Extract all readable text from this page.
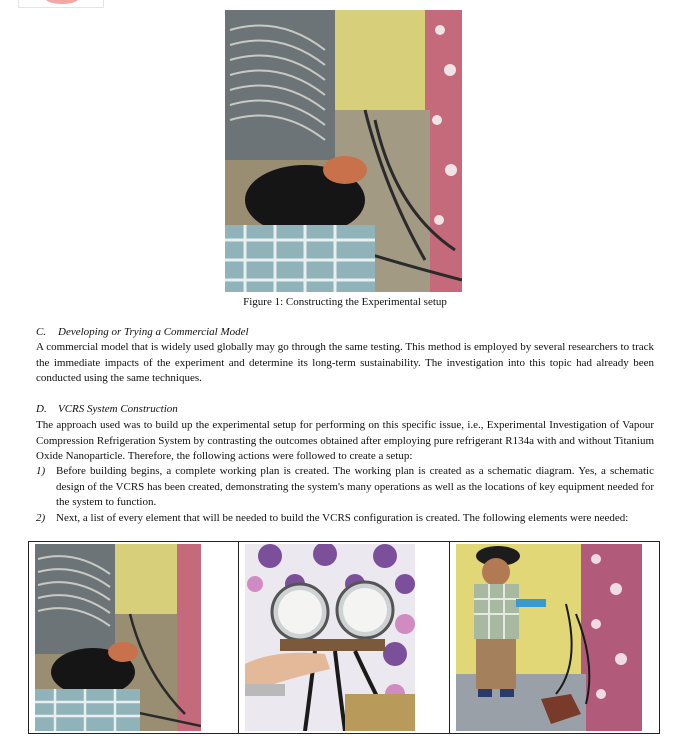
Figure 1: Constructing the Experimental setup
C. Developing or Trying a Commercial Model
A commercial model that is widely used globally may go through the same testing. This method is employed by several researchers to track the immediate impacts of the experiment and determine its long-term sustainability. The investigation into this topic had already been conducted using the same techniques.
D. VCRS System Construction
The approach used was to build up the experimental setup for performing on this specific issue, i.e., Experimental Investigation of Vapour Compression Refrigeration System by contrasting the outcomes obtained after employing pure refrigerant R134a with and without Titanium Oxide Nanoparticle. Therefore, the following actions were followed to create a setup:
1) Before building begins, a complete working plan is created. The working plan is created as a schematic diagram. Yes, a schematic design of the VCRS has been created, demonstrating the system's many operations as well as the locations of key equipment needed for the system to function.
2) Next, a list of every element that will be needed to build the VCRS configuration is created. The following elements were needed:
